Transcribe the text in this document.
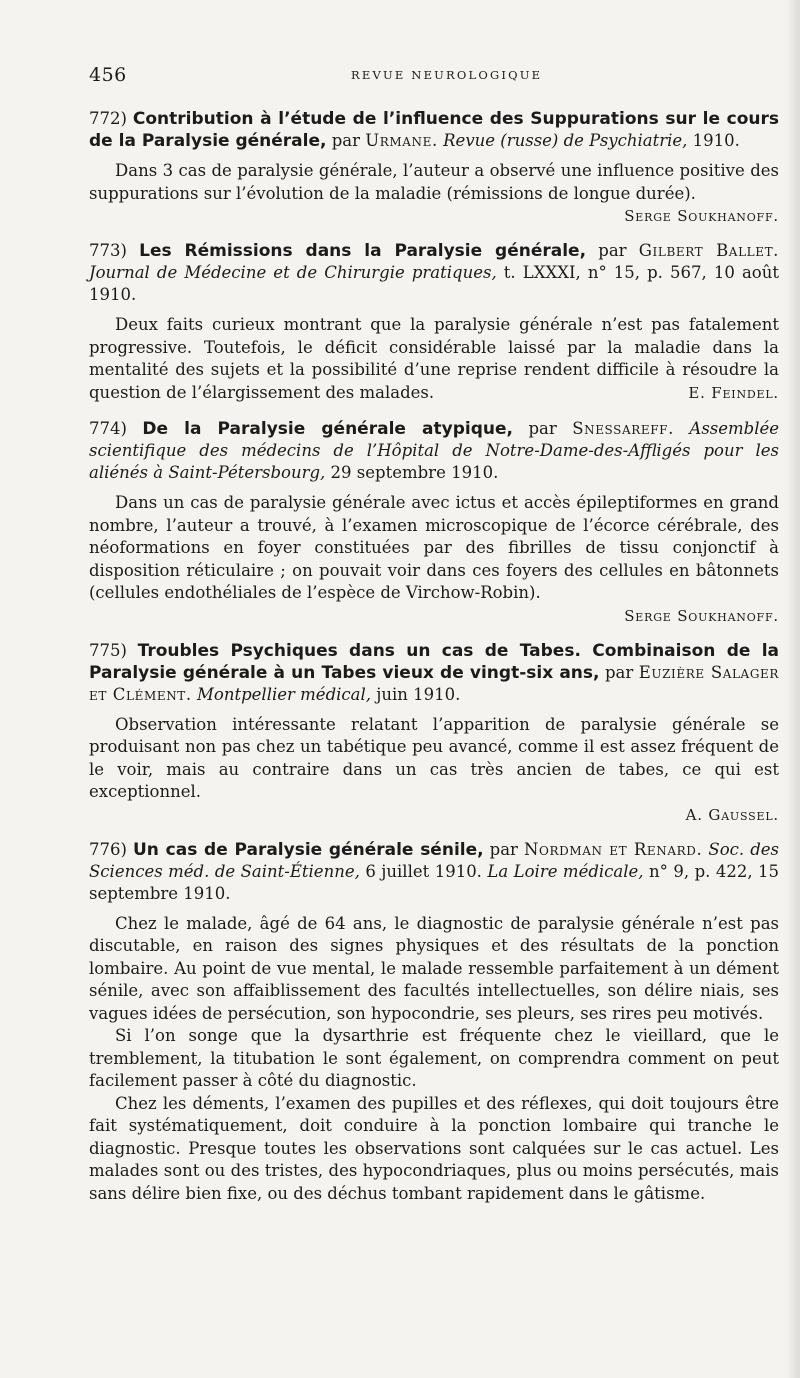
456	REVUE NEUROLOGIQUE
772) Contribution à l’étude de l’influence des Suppurations sur le cours de la Paralysie générale, par Urmane. Revue (russe) de Psychiatrie, 1910.

Dans 3 cas de paralysie générale, l’auteur a observé une influence positive des suppurations sur l’évolution de la maladie (rémissions de longue durée).

Serge Soukhanoff.
773) Les Rémissions dans la Paralysie générale, par Gilbert Ballet. Journal de Médecine et de Chirurgie pratiques, t. LXXXI, n° 15, p. 567, 10 août 1910.

Deux faits curieux montrant que la paralysie générale n’est pas fatalement progressive. Toutefois, le déficit considérable laissé par la maladie dans la mentalité des sujets et la possibilité d’une reprise rendent difficile à résoudre la question de l’élargissement des malades.	E. Feindel.

774) De la Paralysie générale atypique, par Snessareff. Assemblée scientifique des médecins de l’Hôpital de Notre-Dame-des-Affligés pour les aliénés à Saint-Pétersbourg, 29 septembre 1910.

Dans un cas de paralysie générale avec ictus et accès épileptiformes en grand nombre, l’auteur a trouvé, à l’examen microscopique de l’écorce cérébrale, des néoformations en foyer constituées par des fibrilles de tissu conjonctif à disposition réticulaire ; on pouvait voir dans ces foyers des cellules en bâtonnets (cellules endothéliales de l’espèce de Virchow-Robin).

Serge Soukhanoff.
775) Troubles Psychiques dans un cas de Tabes. Combinaison de la Paralysie générale à un Tabes vieux de vingt-six ans, par Euzière Salager et Clément. Montpellier médical, juin 1910.

Observation intéressante relatant l’apparition de paralysie générale se produisant non pas chez un tabétique peu avancé, comme il est assez fréquent de le voir, mais au contraire dans un cas très ancien de tabes, ce qui est exceptionnel.

A. Gaussel.
776) Un cas de Paralysie générale sénile, par Nordman et Renard. Soc. des Sciences méd. de Saint-Étienne, 6 juillet 1910. La Loire médicale, n° 9, p. 422, 15 septembre 1910.

Chez le malade, âgé de 64 ans, le diagnostic de paralysie générale n’est pas discutable, en raison des signes physiques et des résultats de la ponction lombaire. Au point de vue mental, le malade ressemble parfaitement à un dément sénile, avec son affaiblissement des facultés intellectuelles, son délire niais, ses vagues idées de persécution, son hypocondrie, ses pleurs, ses rires peu motivés.

Si l’on songe que la dysarthrie est fréquente chez le vieillard, que le tremblement, la titubation le sont également, on comprendra comment on peut facilement passer à côté du diagnostic.

Chez les déments, l’examen des pupilles et des réflexes, qui doit toujours être fait systématiquement, doit conduire à la ponction lombaire qui tranche le diagnostic. Presque toutes les observations sont calquées sur le cas actuel. Les malades sont ou des tristes, des hypocondriaques, plus ou moins persécutés, mais sans délire bien fixe, ou des déchus tombant rapidement dans le gâtisme.
